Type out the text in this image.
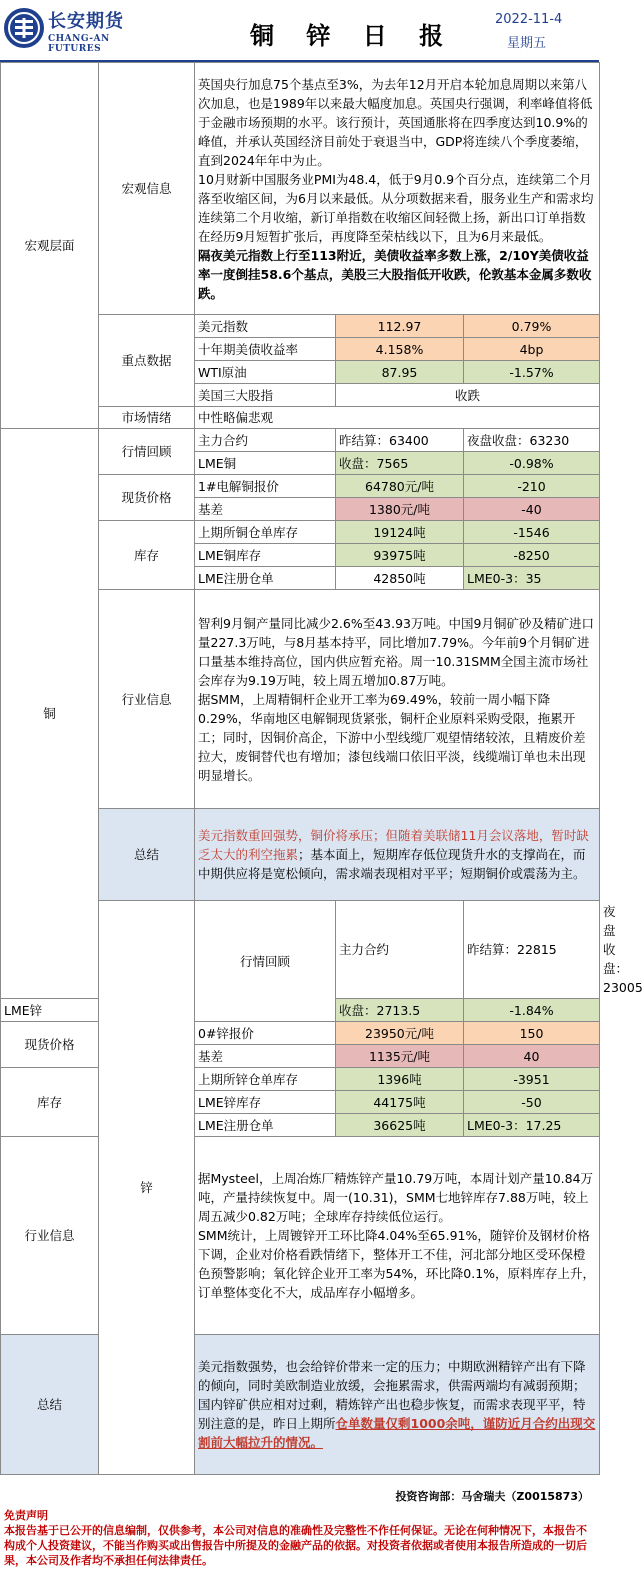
长安期货
CHANG-AN FUTURES	铜 锌 日 报
2022-11-4
星期五
宏观层面	宏观信息	英国央行加息75个基点至3%，为去年12月开启本轮加息周期以来第八次加息，也是1989年以来最大幅度加息。英国央行强调，利率峰值将低于金融市场预期的水平。该行预计，英国通胀将在四季度达到10.9%的峰值，并承认英国经济目前处于衰退当中，GDP将连续八个季度萎缩，直到2024年年中为止。
10月财新中国服务业PMI为48.4，低于9月0.9个百分点，连续第二个月落至收缩区间，为6月以来最低。从分项数据来看，服务业生产和需求均连续第二个月收缩，新订单指数在收缩区间轻微上扬，新出口订单指数在经历9月短暂扩张后，再度降至荣枯线以下，且为6月来最低。
隔夜美元指数上行至113附近，美债收益率多数上涨，2/10Y美债收益率一度倒挂58.6个基点，美股三大股指低开收跌，伦敦基本金属多数收跌。			

	重点数据	美元指数	112.97	0.79%	
		十年期美债收益率	4.158%	4bp	
		WTI原油	87.95	-1.57%	
		美国三大股指	收跌		
	市场情绪	中性略偏悲观			
铜	行情回顾	主力合约	昨结算：63400	夜盘收盘：63230	
		LME铜	收盘：7565	-0.98%	
	现货价格	1#电解铜报价	64780元/吨	-210	
		基差	1380元/吨	-40	
	库存	上期所铜仓单库存	19124吨	-1546	
		LME铜库存	93975吨	-8250	
		LME注册仓单	42850吨	LME0-3：35	
	行业信息	智利9月铜产量同比减少2.6%至43.93万吨。中国9月铜矿砂及精矿进口量227.3万吨，与8月基本持平，同比增加7.79%。今年前9个月铜矿进口量基本维持高位，国内供应暂充裕。周一10.31SMM全国主流市场社会库存为9.19万吨，较上周五增加0.87万吨。
据SMM，上周精铜杆企业开工率为69.49%，较前一周小幅下降0.29%，华南地区电解铜现货紧张，铜杆企业原料采购受限，拖累开工；同时，因铜价高企，下游中小型线缆厂观望情绪较浓，且精废价差拉大，废铜替代也有增加；漆包线端口依旧平淡，线缆端订单也未出现明显增长。			

	总结	美元指数重回强势，铜价将承压；但随着美联储11月会议落地，暂时缺乏太大的利空拖累；基本面上，短期库存低位现货升水的支撑尚在，而中期供应将是宽松倾向，需求端表现相对平平；短期铜价或震荡为主。			
	锌	行情回顾	主力合约	昨结算：22815	夜盘收盘：23005
LME锌			收盘：2713.5	-1.84%	
现货价格		0#锌报价	23950元/吨	150	
		基差	1135元/吨	40	
库存		上期所锌仓单库存	1396吨	-3951	
		LME锌库存	44175吨	-50	
		LME注册仓单	36625吨	LME0-3：17.25	
行业信息		据Mysteel，上周冶炼厂精炼锌产量10.79万吨，本周计划产量10.84万吨，产量持续恢复中。周一(10.31)，SMM七地锌库存7.88万吨，较上周五减少0.82万吨；全球库存持续低位运行。
SMM统计，上周镀锌开工环比降4.04%至65.91%，随锌价及钢材价格下调，企业对价格看跌情绪下，整体开工不佳，河北部分地区受环保橙色预警影响；氧化锌企业开工率为54%，环比降0.1%，原料库存上升，订单整体变化不大，成品库存小幅增多。			

总结		美元指数强势，也会给锌价带来一定的压力；中期欧洲精锌产出有下降的倾向，同时美欧制造业放缓，会拖累需求，供需两端均有减弱预期；国内锌矿供应相对过剩，精炼锌产出也稳步恢复，而需求表现平平，特别注意的是，昨日上期所仓单数量仅剩1000余吨，谨防近月合约出现交割前大幅拉升的情况。			
投资咨询部：马舍瑞夫（Z0015873）
免责声明
本报告基于已公开的信息编制，仅供参考，本公司对信息的准确性及完整性不作任何保证。无论在何种情况下，本报告不构成个人投资建议，不能当作购买或出售报告中所提及的金融产品的依据。对投资者依据或者使用本报告所造成的一切后果，本公司及作者均不承担任何法律责任。
